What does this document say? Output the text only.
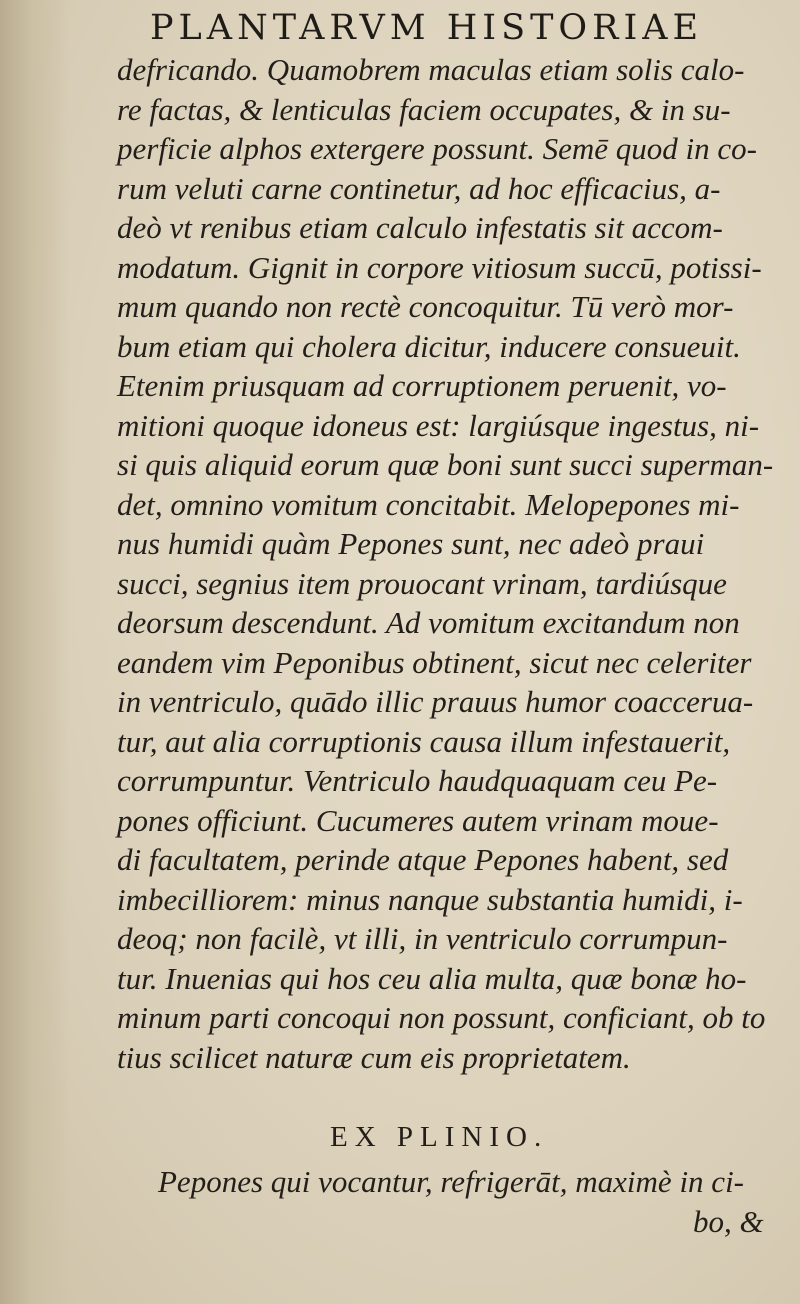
PLANTARVM HISTORIAE
defricando. Quamobrem maculas etiam solis calo-
re factas, & lenticulas faciem occupates, & in su-
perficie alphos extergere possunt. Semē quod in co-
rum veluti carne continetur, ad hoc efficacius, a-
deò vt renibus etiam calculo infestatis sit accom-
modatum. Gignit in corpore vitiosum succū, potissi-
mum quando non rectè concoquitur. Tū verò mor-
bum etiam qui cholera dicitur, inducere consueuit.
Etenim priusquam ad corruptionem peruenit, vo-
mitioni quoque idoneus est: largiúsque ingestus, ni-
si quis aliquid eorum quæ boni sunt succi superman-
det, omnino vomitum concitabit. Melopepones mi-
nus humidi quàm Pepones sunt, nec adeò praui
succi, segnius item prouocant vrinam, tardiúsque
deorsum descendunt. Ad vomitum excitandum non
eandem vim Peponibus obtinent, sicut nec celeriter
in ventriculo, quādo illic prauus humor coaccerua-
tur, aut alia corruptionis causa illum infestauerit,
corrumpuntur. Ventriculo haudquaquam ceu Pe-
pones officiunt. Cucumeres autem vrinam moue-
di facultatem, perinde atque Pepones habent, sed
imbecilliorem: minus nanque substantia humidi, i-
deoq; non facilè, vt illi, in ventriculo corrumpun-
tur. Inuenias qui hos ceu alia multa, quæ bonæ ho-
minum parti concoqui non possunt, conficiant, ob to
tius scilicet naturæ cum eis proprietatem.
EX PLINIO.
Pepones qui vocantur, refrigerāt, maximè in ci-
bo, &
